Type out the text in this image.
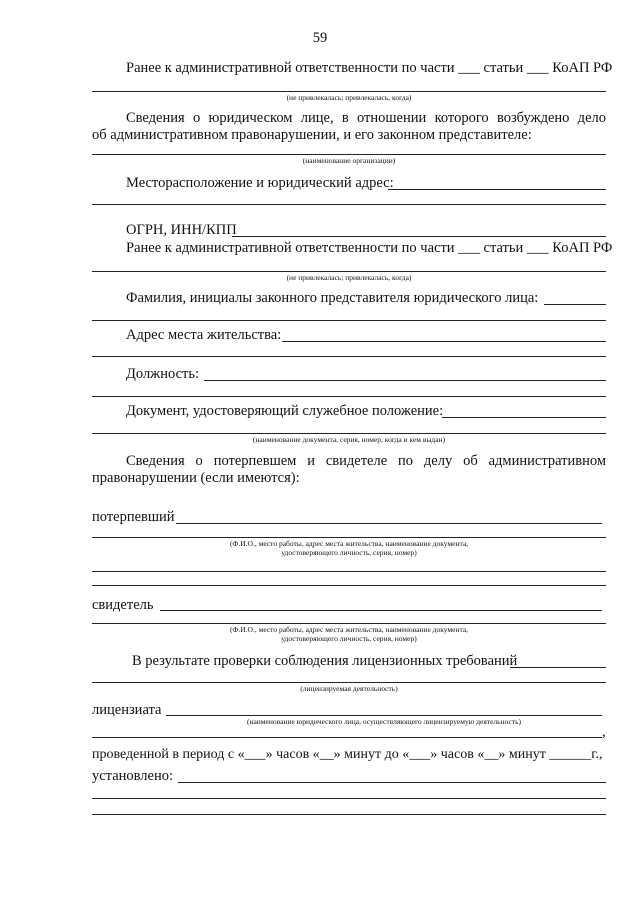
59
Ранее к административной ответственности по части ___ статьи ___ КоАП РФ
(не привлекалась; привлекалась, когда)
Сведения о юридическом лице, в отношении которого возбуждено дело
об административном правонарушении, и его законном представителе:
(наименование организации)
Месторасположение и юридический адрес:
ОГРН, ИНН/КПП
Ранее к административной ответственности по части ___ статьи ___ КоАП РФ
(не привлекалась; привлекалась, когда)
Фамилия, инициалы законного представителя юридического лица:
Адрес места жительства:
Должность:
Документ, удостоверяющий служебное положение:
(наименование документа, серия, номер, когда и кем выдан)
Сведения о потерпевшем и свидетеле по делу об административном
правонарушении (если имеются):
потерпевший
(Ф.И.О., место работы, адрес места жительства, наименование документа,
удостоверяющего личность, серия, номер)
свидетель
(Ф.И.О., место работы, адрес места жительства, наименование документа,
удостоверяющего личность, серия, номер)
В результате проверки соблюдения лицензионных требований
(лицензируемая деятельность)
лицензиата
(наименование юридического лица, осуществляющего лицензируемую деятельность)
,
проведенной в период с «___» часов «__» минут до «___» часов «__» минут ______г.,
установлено:
